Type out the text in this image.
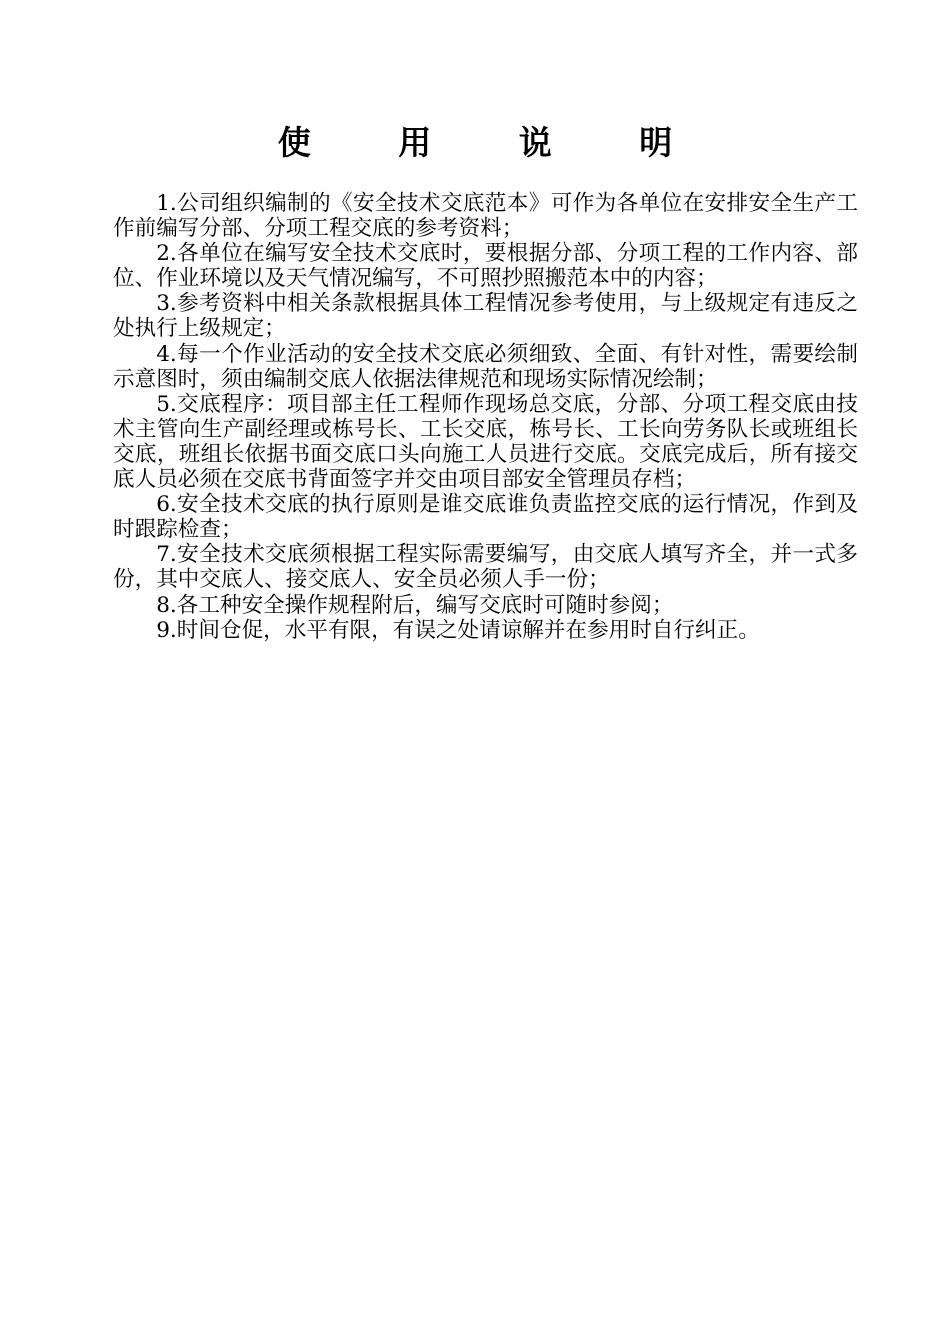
使 用 说 明

1.公司组织编制的《安全技术交底范本》可作为各单位在安排安全生产工作前编写分部、分项工程交底的参考资料；

2.各单位在编写安全技术交底时，要根据分部、分项工程的工作内容、部位、作业环境以及天气情况编写，不可照抄照搬范本中的内容；

3.参考资料中相关条款根据具体工程情况参考使用，与上级规定有违反之处执行上级规定；

4.每一个作业活动的安全技术交底必须细致、全面、有针对性，需要绘制示意图时，须由编制交底人依据法律规范和现场实际情况绘制；

5.交底程序：项目部主任工程师作现场总交底，分部、分项工程交底由技术主管向生产副经理或栋号长、工长交底，栋号长、工长向劳务队长或班组长交底，班组长依据书面交底口头向施工人员进行交底。交底完成后，所有接交底人员必须在交底书背面签字并交由项目部安全管理员存档；

6.安全技术交底的执行原则是谁交底谁负责监控交底的运行情况，作到及时跟踪检查；

7.安全技术交底须根据工程实际需要编写，由交底人填写齐全，并一式多份，其中交底人、接交底人、安全员必须人手一份；

8.各工种安全操作规程附后，编写交底时可随时参阅；

9.时间仓促，水平有限，有误之处请谅解并在参用时自行纠正。
